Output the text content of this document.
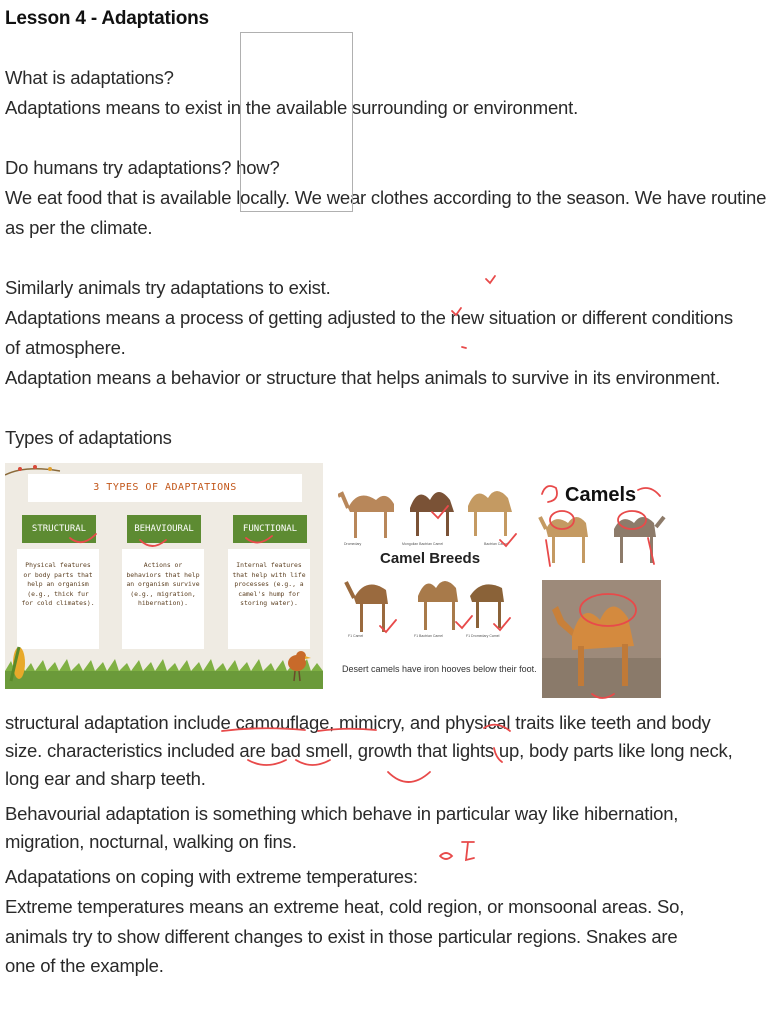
Lesson 4 - Adaptations
What is adaptations?
Adaptations means to exist in the available surrounding or environment.
Do humans try adaptations? how?
We eat food that is available locally. We wear clothes according to the season. We have routine
as per the climate.
Similarly animals try adaptations to exist.
Adaptations means a process of getting adjusted to the new situation or different conditions
of atmosphere.
Adaptation means a behavior or structure that helps animals to survive in its environment.
Types of adaptations
3 TYPES OF ADAPTATIONS
STRUCTURAL	BEHAVIOURAL	FUNCTIONAL
Physical features or body parts that help an organism (e.g., thick fur for cold climates).
Actions or behaviors that help an organism survive (e.g., migration, hibernation).
Internal features that help with life processes (e.g., a camel's hump for storing water).
Camel Breeds
Dromedary	Mongolian Bactrian Camel	Bactrian Camel
F1 Camel	F1 Bactrian Camel	F1 Dromedary Camel
Desert camels have iron hooves below their foot.
Camels
structural adaptation include camouflage, mimicry, and physical traits like teeth and body
size. characteristics included are bad smell, growth that lights up, body parts like long neck,
long ear and sharp teeth.
Behavourial adaptation is something which behave in particular way like hibernation,
migration, nocturnal, walking on fins.
Adapatations on coping with extreme temperatures:
Extreme temperatures means an extreme heat, cold region, or monsoonal areas. So,
animals try to show different changes to exist in those particular regions. Snakes are
one of the example.
